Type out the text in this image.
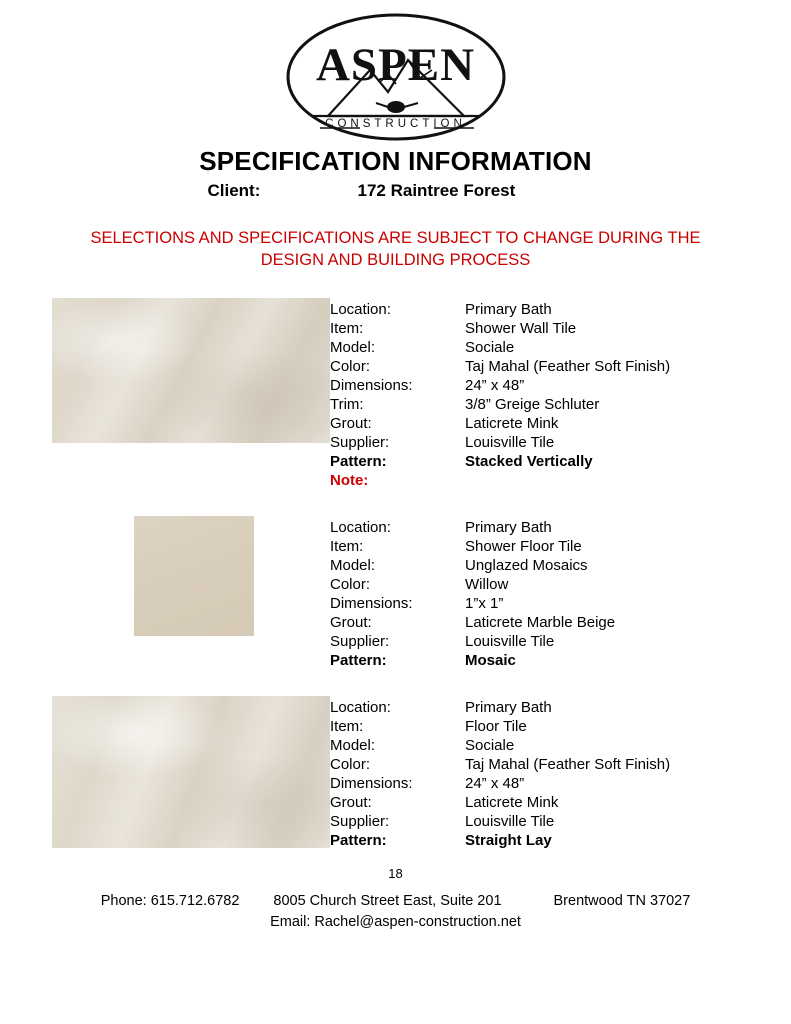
ASPEN
CONSTRUCTION
SPECIFICATION INFORMATION
Client:	172 Raintree Forest
SELECTIONS AND SPECIFICATIONS ARE SUBJECT TO CHANGE DURING THE DESIGN AND BUILDING PROCESS
Location:	Primary Bath
Item:	Shower Wall Tile
Model:	Sociale
Color:	Taj Mahal (Feather Soft Finish)
Dimensions:	24” x 48”
Trim:	3/8” Greige Schluter
Grout:	Laticrete Mink
Supplier:	Louisville Tile
Pattern:	Stacked Vertically
Note:
Location:	Primary Bath
Item:	Shower Floor Tile
Model:	Unglazed Mosaics
Color:	Willow
Dimensions:	1”x 1”
Grout:	Laticrete Marble Beige
Supplier:	Louisville Tile
Pattern:	Mosaic
Location:	Primary Bath
Item:	Floor Tile
Model:	Sociale
Color:	Taj Mahal (Feather Soft Finish)
Dimensions:	24” x 48”
Grout:	Laticrete Mink
Supplier:	Louisville Tile
Pattern:	Straight Lay
18
Phone: 615.712.6782 8005 Church Street East, Suite 201	Brentwood TN 37027
Email: Rachel@aspen-construction.net
